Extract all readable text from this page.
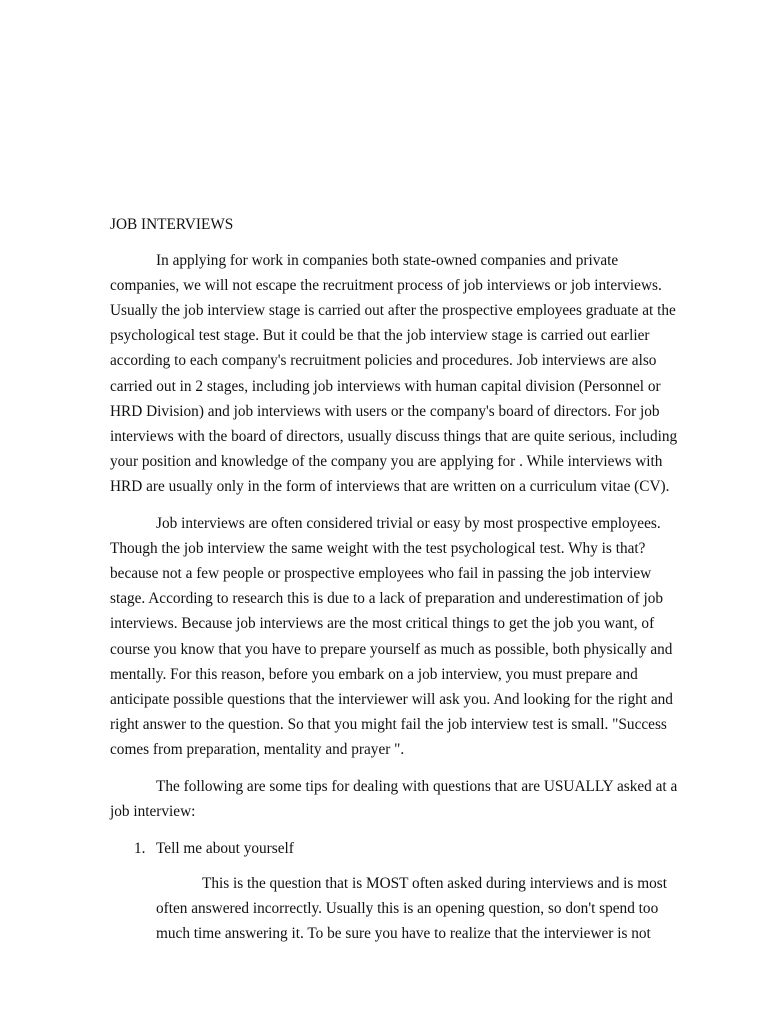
JOB INTERVIEWS

In applying for work in companies both state-owned companies and private companies, we will not escape the recruitment process of job interviews or job interviews. Usually the job interview stage is carried out after the prospective employees graduate at the psychological test stage. But it could be that the job interview stage is carried out earlier according to each company's recruitment policies and procedures. Job interviews are also carried out in 2 stages, including job interviews with human capital division (Personnel or HRD Division) and job interviews with users or the company's board of directors. For job interviews with the board of directors, usually discuss things that are quite serious, including your position and knowledge of the company you are applying for . While interviews with HRD are usually only in the form of interviews that are written on a curriculum vitae (CV).

Job interviews are often considered trivial or easy by most prospective employees. Though the job interview the same weight with the test psychological test. Why is that? because not a few people or prospective employees who fail in passing the job interview stage. According to research this is due to a lack of preparation and underestimation of job interviews. Because job interviews are the most critical things to get the job you want, of course you know that you have to prepare yourself as much as possible, both physically and mentally. For this reason, before you embark on a job interview, you must prepare and anticipate possible questions that the interviewer will ask you. And looking for the right and right answer to the question. So that you might fail the job interview test is small. "Success comes from preparation, mentality and prayer ".

The following are some tips for dealing with questions that are USUALLY asked at a job interview:

1. Tell me about yourself

This is the question that is MOST often asked during interviews and is most often answered incorrectly. Usually this is an opening question, so don't spend too much time answering it. To be sure you have to realize that the interviewer is not
